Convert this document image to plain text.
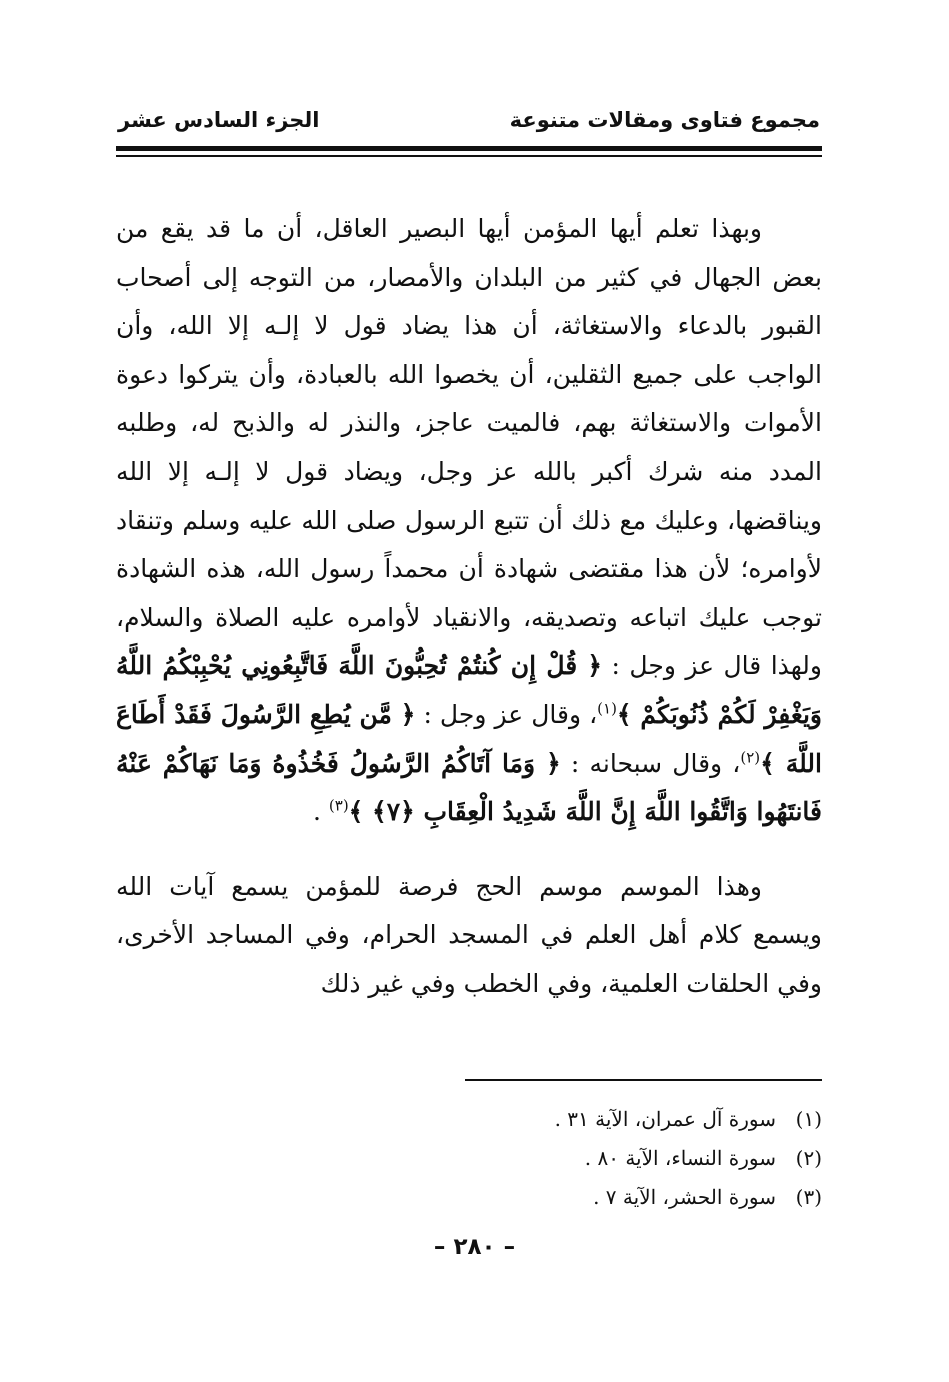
مجموع فتاوى ومقالات متنوعة
الجزء السادس عشر

وبهذا تعلم أيها المؤمن أيها البصير العاقل، أن ما قد يقع من بعض الجهال في كثير من البلدان والأمصار، من التوجه إلى أصحاب القبور بالدعاء والاستغاثة، أن هذا يضاد قول لا إلـه إلا الله، وأن الواجب على جميع الثقلين، أن يخصوا الله بالعبادة، وأن يتركوا دعوة الأموات والاستغاثة بهم، فالميت عاجز، والنذر له والذبح له، وطلبه المدد منه شرك أكبر بالله عز وجل، ويضاد قول لا إلـه إلا الله ويناقضها، وعليك مع ذلك أن تتبع الرسول صلى الله عليه وسلم وتنقاد لأوامره؛ لأن هذا مقتضى شهادة أن محمداً رسول الله، هذه الشهادة توجب عليك اتباعه وتصديقه، والانقياد لأوامره عليه الصلاة والسلام، ولهذا قال عز وجل : ﴿ قُلْ إِن كُنتُمْ تُحِبُّونَ اللَّهَ فَاتَّبِعُونِي يُحْبِبْكُمُ اللَّهُ وَيَغْفِرْ لَكُمْ ذُنُوبَكُمْ ﴾$^{(١)}$، وقال عز وجل : ﴿ مَّن يُطِعِ الرَّسُولَ فَقَدْ أَطَاعَ اللَّهَ ﴾$^{(٢)}$، وقال سبحانه : ﴿ وَمَا آتَاكُمُ الرَّسُولُ فَخُذُوهُ وَمَا نَهَاكُمْ عَنْهُ فَانتَهُوا وَاتَّقُوا اللَّهَ إِنَّ اللَّهَ شَدِيدُ الْعِقَابِ ﴿٧﴾ ﴾$^{(٣)}$ .

وهذا الموسم موسم الحج فرصة للمؤمن يسمع آيات الله ويسمع كلام أهل العلم في المسجد الحرام، وفي المساجد الأخرى، وفي الحلقات العلمية، وفي الخطب وفي غير ذلك

(١)
سورة آل عمران، الآية ٣١ .
(٢)
سورة النساء، الآية ٨٠ .
(٣)
سورة الحشر، الآية ٧ .
– ٢٨٠ –
